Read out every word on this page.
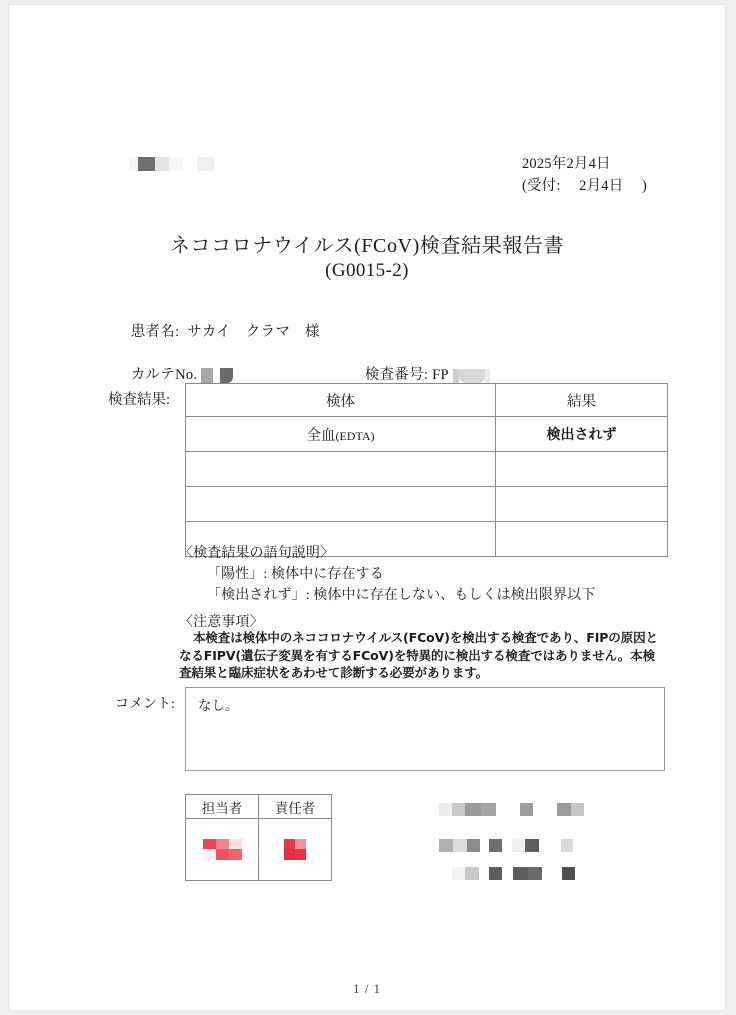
2025年2月4日
(受付:　 2月4日　 )
ネココロナウイルス(FCoV)検査結果報告書
(G0015-2)

患者名: サカイ　クラマ　様

カルテNo.

	検査番号: FP

検査結果:	検体	結果
全血(EDTA)	検出されず

〈検査結果の語句説明〉
「陽性」: 検体中に存在する
「検出されず」: 検体中に存在しない、もしくは検出限界以下
〈注意事項〉
本検査は検体中のネココロナウイルス(FCoV)を検出する検査であり、FIPの原因となるFIPV(遺伝子変異を有するFCoV)を特異的に検出する検査ではありません。本検査結果と臨床症状をあわせて診断する必要があります。
コメント:	なし。
担当者	責任者

1 / 1
